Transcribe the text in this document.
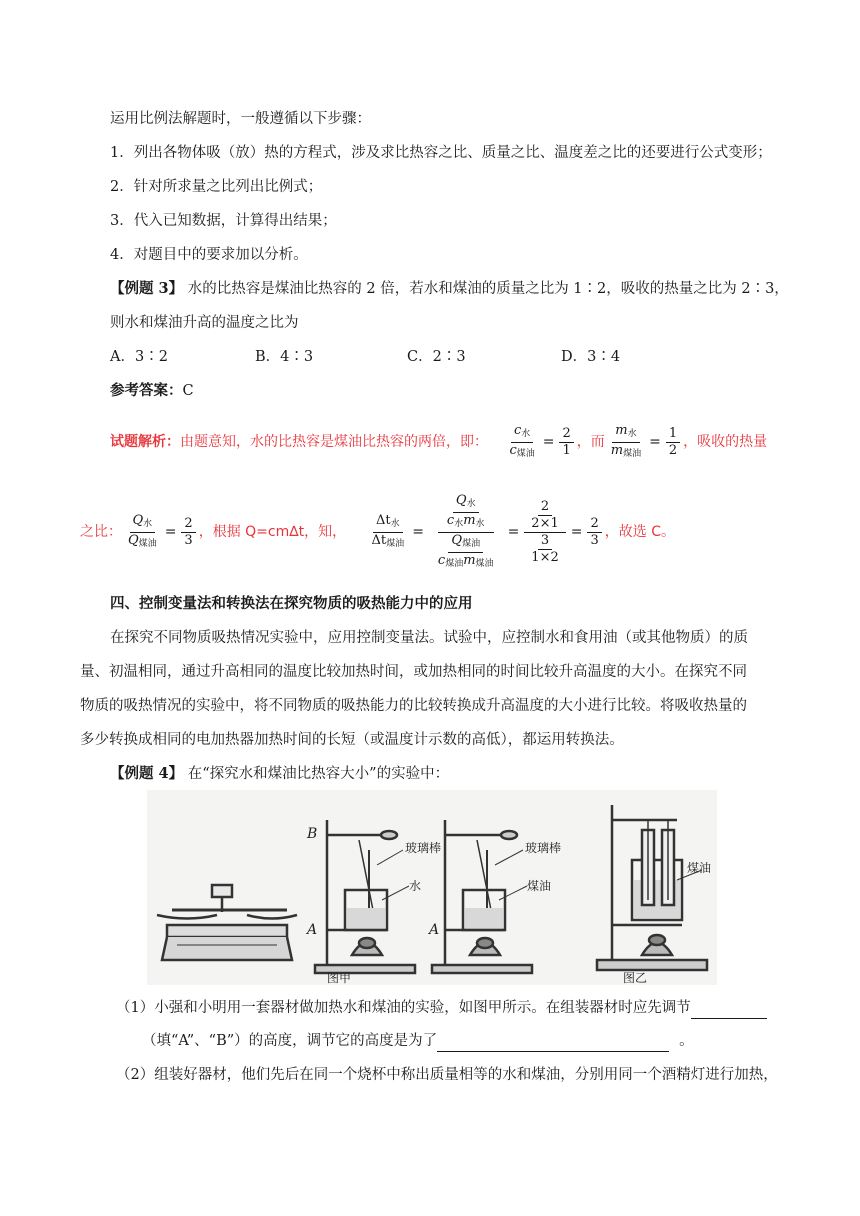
运用比例法解题时，一般遵循以下步骤：
1．列出各物体吸（放）热的方程式，涉及求比热容之比、质量之比、温度差之比的还要进行公式变形；
2．针对所求量之比列出比例式；
3．代入已知数据，计算得出结果；
4．对题目中的要求加以分析。
【例题 3】 水的比热容是煤油比热容的 2 倍，若水和煤油的质量之比为 1∶2，吸收的热量之比为 2∶3，
则水和煤油升高的温度之比为
A．3∶2	B．4∶3	C．2∶3	D．3∶4
参考答案：C
试题解析：由题意知，水的比热容是煤油比热容的两倍，即： $\frac{c_水}{c_{煤油}} = \frac{2}{1}$ ，而 $\frac{m_水}{m_{煤油}} = \frac{1}{2}$ ，吸收的热量
之比： $\frac{Q_水}{Q_{煤油}} = \frac{2}{3}$ ，根据 Q=cm∆t，知， $\frac{\Delta t_水}{\Delta t_{煤油}} = \frac{\frac{Q_水}{c_水m_水}}{\frac{Q_{煤油}}{c_{煤油}m_{煤油}}} = \frac{\frac{2}{2\times 1}}{\frac{3}{1\times 2}} = \frac{2}{3}$ ，故选 C。
四、控制变量法和转换法在探究物质的吸热能力中的应用
在探究不同物质吸热情况实验中，应用控制变量法。试验中，应控制水和食用油（或其他物质）的质
量、初温相同，通过升高相同的温度比较加热时间，或加热相同的时间比较升高温度的大小。在探究不同
物质的吸热情况的实验中，将不同物质的吸热能力的比较转换成升高温度的大小进行比较。将吸收热量的
多少转换成相同的电加热器加热时间的长短（或温度计示数的高低），都运用转换法。
【例题 4】 在“探究水和煤油比热容大小”的实验中：
B
A	A
玻璃棒
水
玻璃棒
煤油
煤油
图甲	图乙
（1）小强和小明用一套器材做加热水和煤油的实验，如图甲所示。在组装器材时应先调节
（填“A”、“B”）的高度，调节它的高度是为了	。
（2）组装好器材，他们先后在同一个烧杯中称出质量相等的水和煤油，分别用同一个酒精灯进行加热，
